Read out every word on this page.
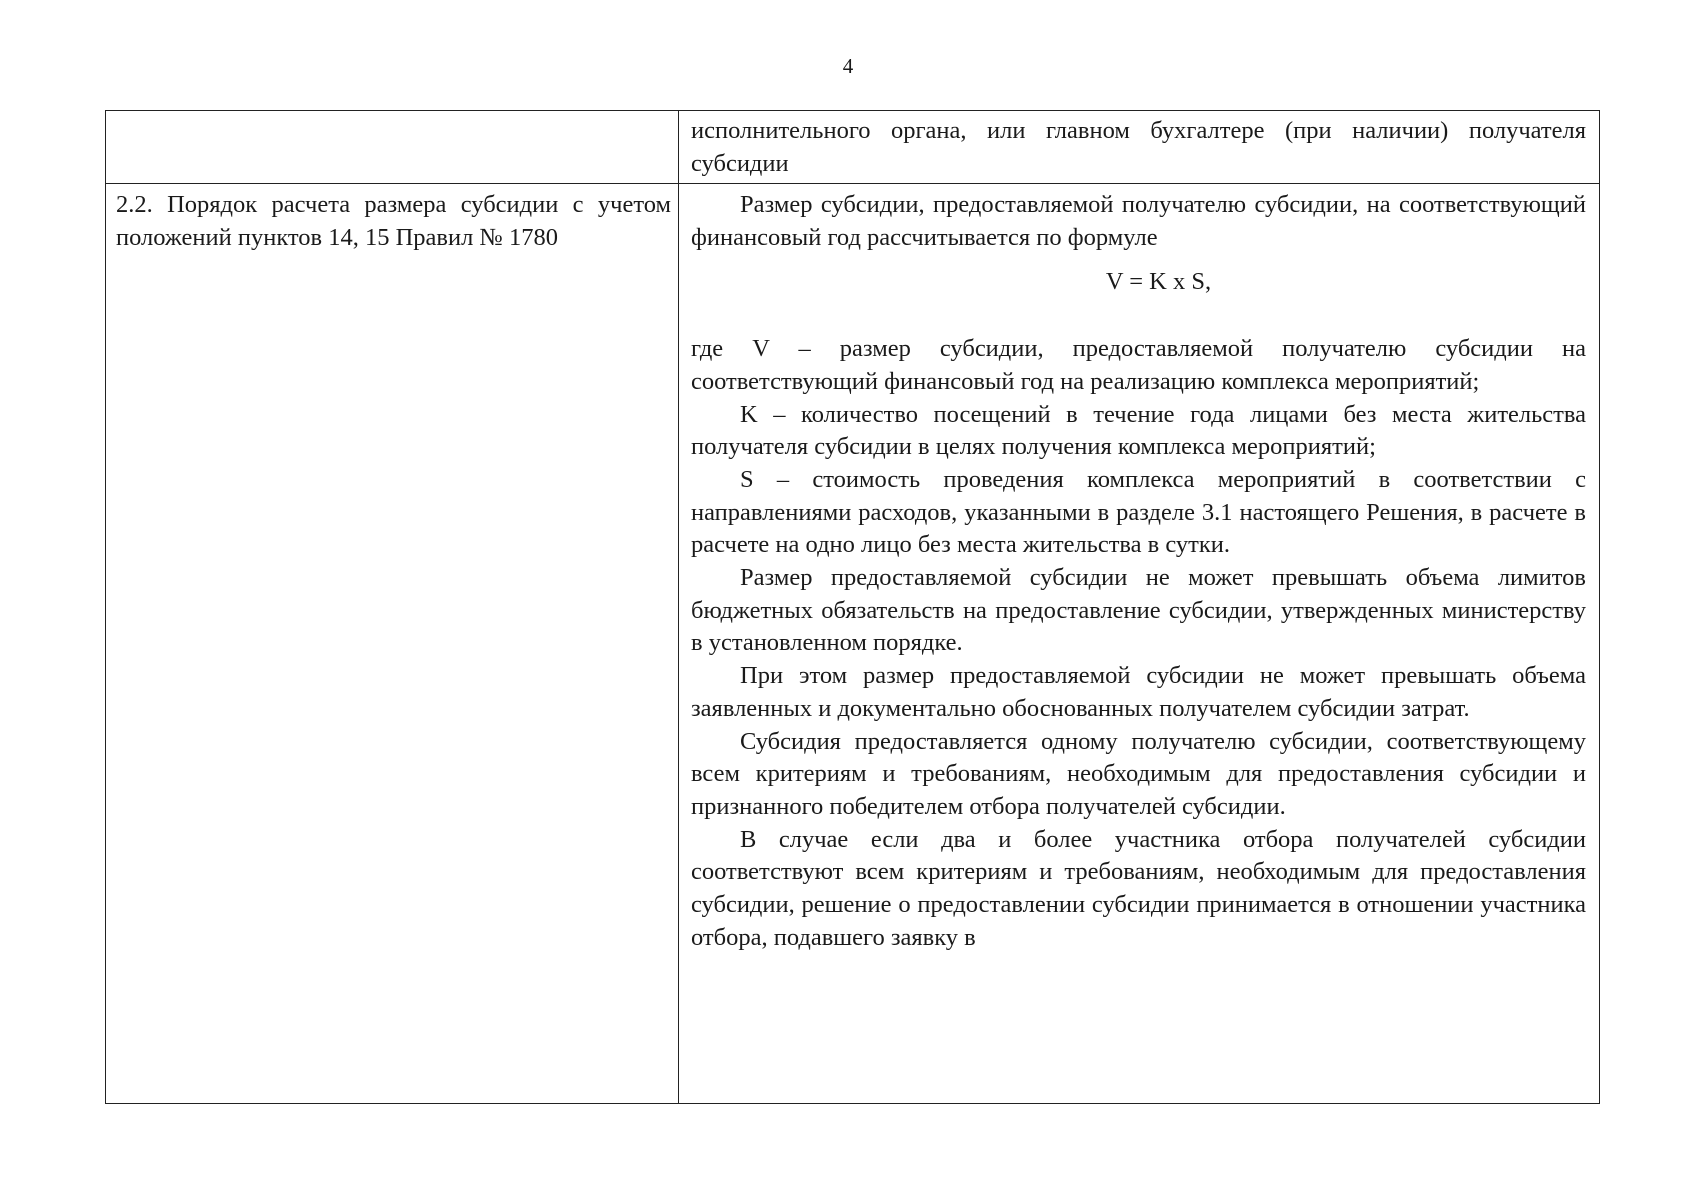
4

исполнительного органа, или главном бухгалтере (при наличии) получателя субсидии

2.2. Порядок расчета размера субсидии с учетом положений пунктов 14, 15 Правил № 1780

Размер субсидии, предоставляемой получателю субсидии, на соответствующий финансовый год рассчитывается по формуле

V = K x S,

где V – размер субсидии, предоставляемой получателю субсидии на соответствующий финансовый год на реализацию комплекса мероприятий;

K – количество посещений в течение года лицами без места жительства получателя субсидии в целях получения комплекса мероприятий;

S – стоимость проведения комплекса мероприятий в соответствии с направлениями расходов, указанными в разделе 3.1 настоящего Решения, в расчете в расчете на одно лицо без места жительства в сутки.

Размер предоставляемой субсидии не может превышать объема лимитов бюджетных обязательств на предоставление субсидии, утвержденных министерству в установленном порядке.

При этом размер предоставляемой субсидии не может превышать объема заявленных и документально обоснованных получателем субсидии затрат.

Субсидия предоставляется одному получателю субсидии, соответствующему всем критериям и требованиям, необходимым для предоставления субсидии и признанного победителем отбора получателей субсидии.

В случае если два и более участника отбора получателей субсидии соответствуют всем критериям и требованиям, необходимым для предоставления субсидии, решение о предоставлении субсидии принимается в отношении участника отбора, подавшего заявку в
